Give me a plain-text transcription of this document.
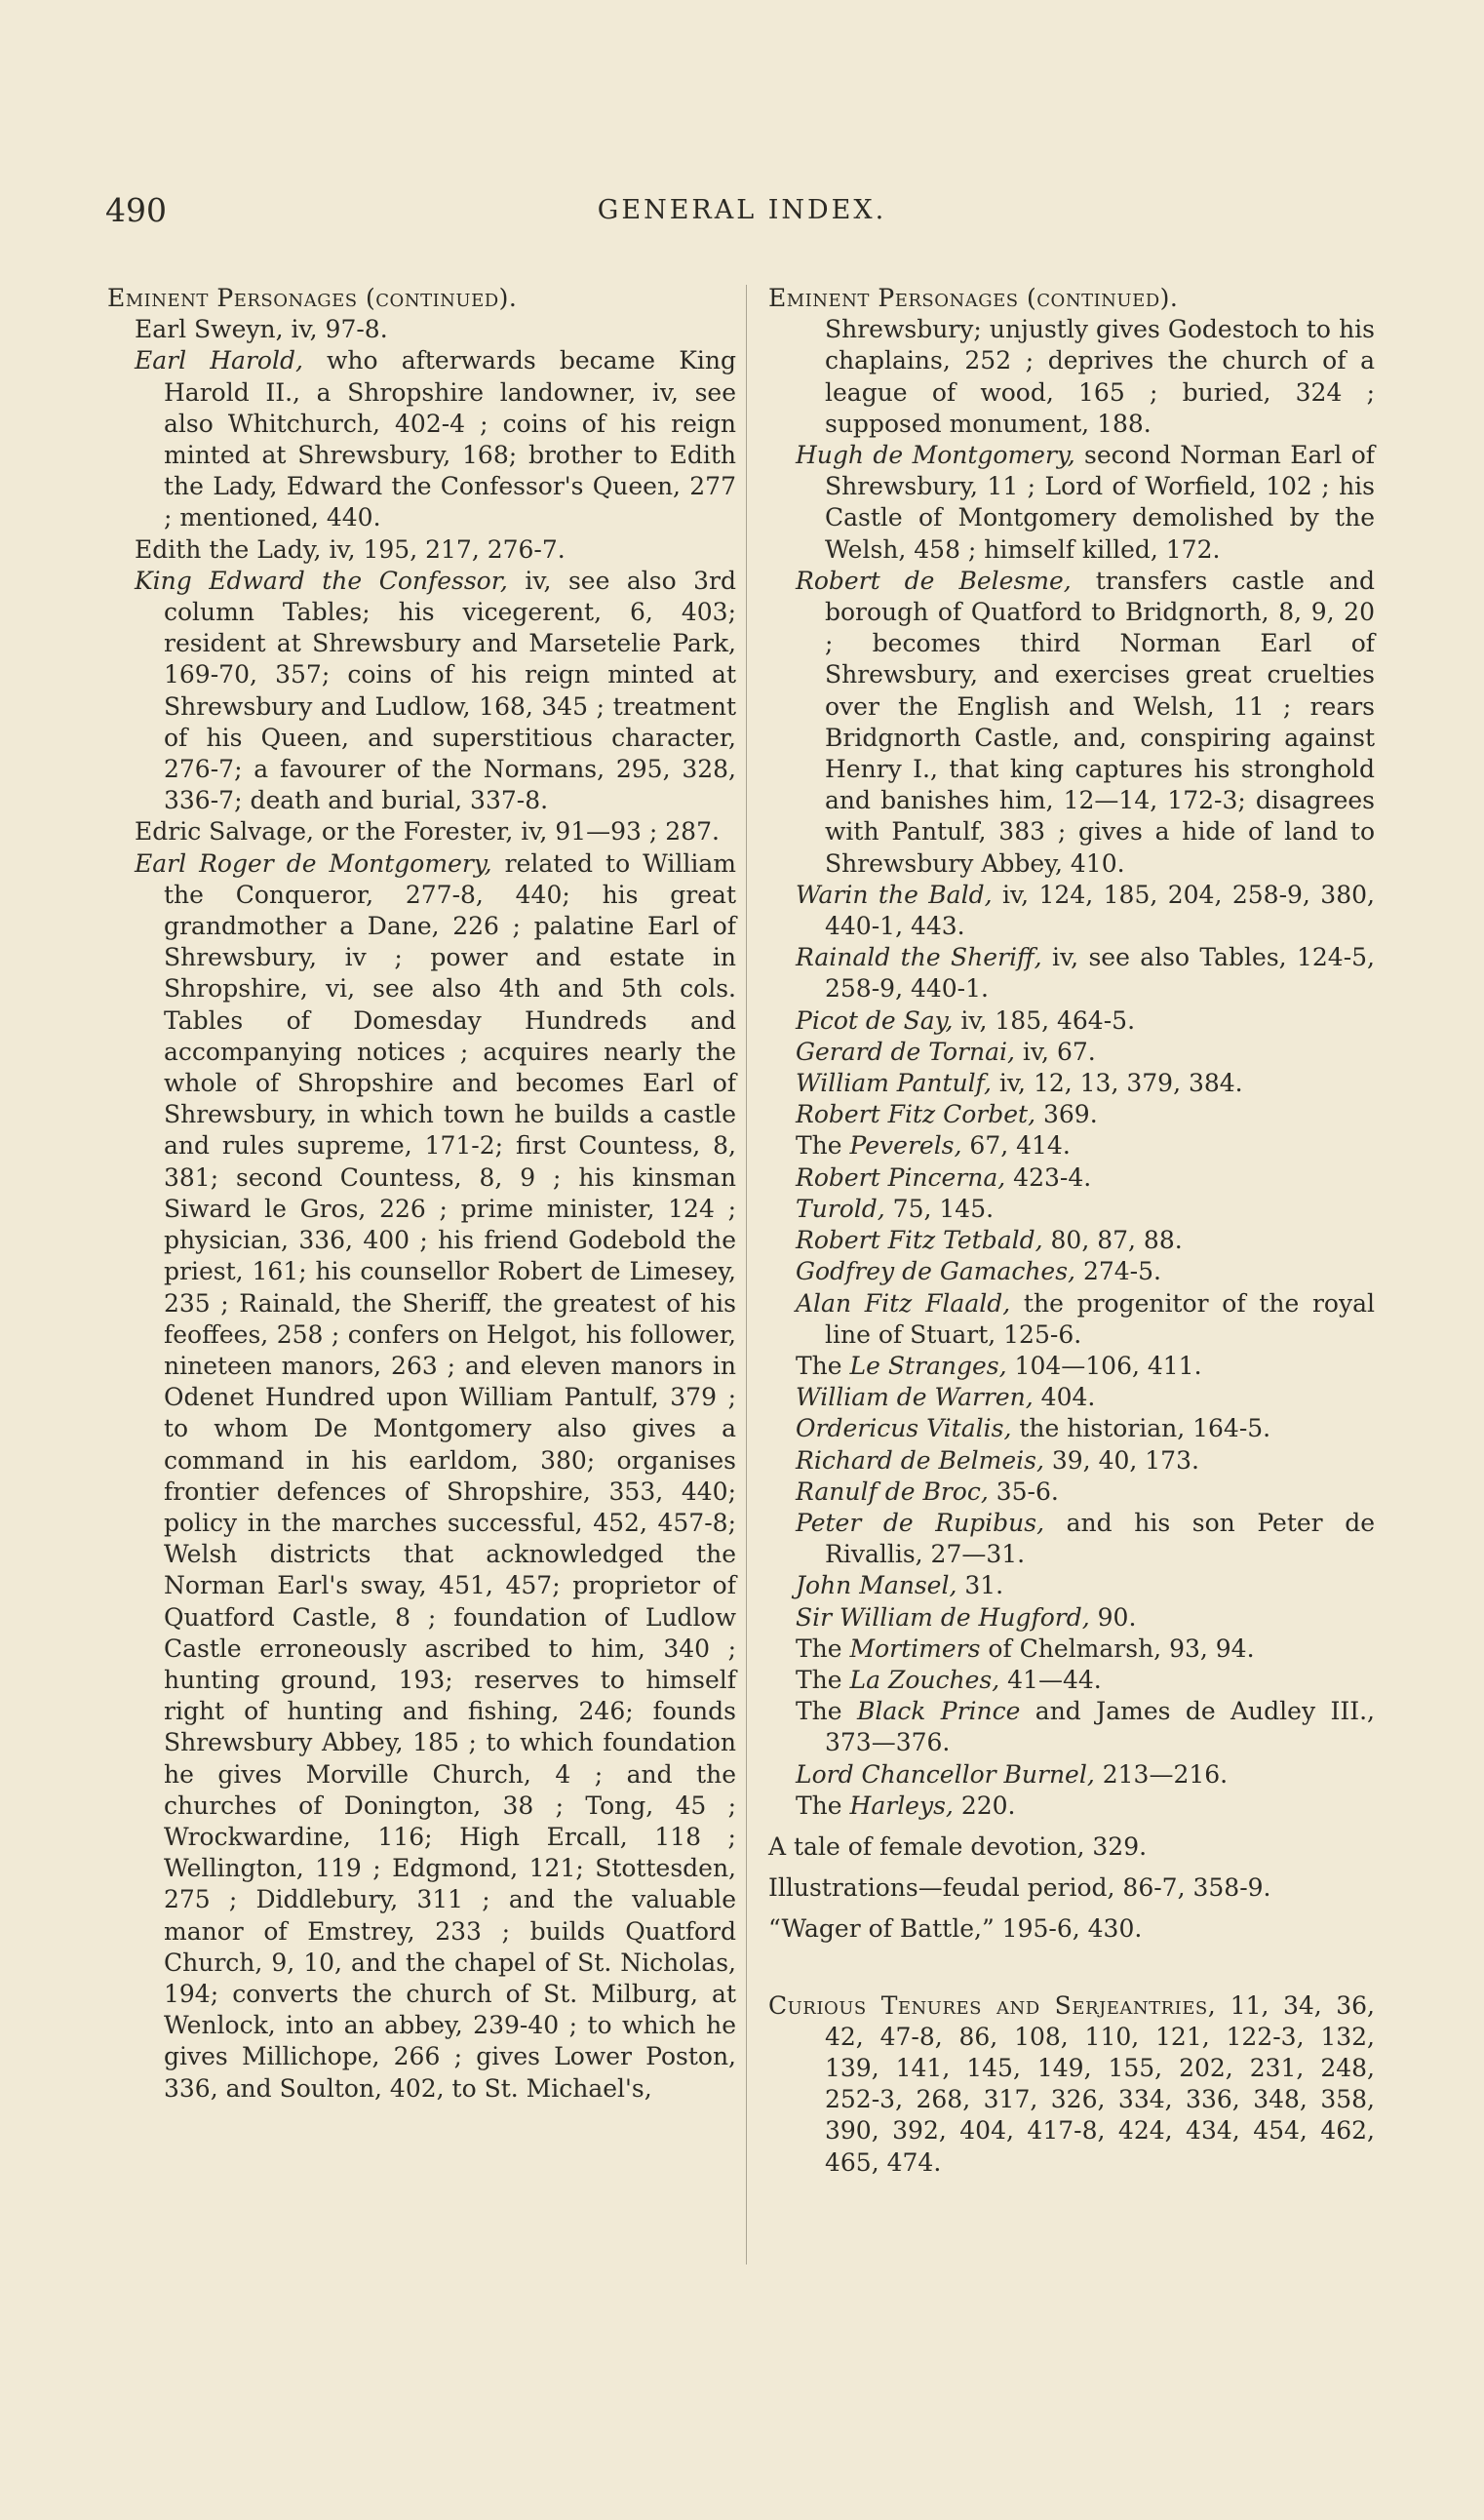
490	GENERAL INDEX.

Eminent Personages (continued).

Earl Sweyn, iv, 97-8.

Earl Harold, who afterwards became King Harold II., a Shropshire landowner, iv, see also Whitchurch, 402-4 ; coins of his reign minted at Shrewsbury, 168; brother to Edith the Lady, Edward the Confessor's Queen, 277 ; mentioned, 440.

Edith the Lady, iv, 195, 217, 276-7.

King Edward the Confessor, iv, see also 3rd column Tables; his vicegerent, 6, 403; resident at Shrewsbury and Marsetelie Park, 169-70, 357; coins of his reign minted at Shrewsbury and Ludlow, 168, 345 ; treatment of his Queen, and superstitious character, 276-7; a favourer of the Normans, 295, 328, 336-7; death and burial, 337-8.

Edric Salvage, or the Forester, iv, 91—93 ; 287.

Earl Roger de Montgomery, related to William the Conqueror, 277-8, 440; his great grandmother a Dane, 226 ; palatine Earl of Shrewsbury, iv ; power and estate in Shropshire, vi, see also 4th and 5th cols. Tables of Domesday Hundreds and accompanying notices ; acquires nearly the whole of Shropshire and becomes Earl of Shrewsbury, in which town he builds a castle and rules supreme, 171-2; first Countess, 8, 381; second Countess, 8, 9 ; his kinsman Siward le Gros, 226 ; prime minister, 124 ; physician, 336, 400 ; his friend Godebold the priest, 161; his counsellor Robert de Limesey, 235 ; Rainald, the Sheriff, the greatest of his feoffees, 258 ; confers on Helgot, his follower, nineteen manors, 263 ; and eleven manors in Odenet Hundred upon William Pantulf, 379 ; to whom De Montgomery also gives a command in his earldom, 380; organises frontier defences of Shropshire, 353, 440; policy in the marches successful, 452, 457-8; Welsh districts that acknowledged the Norman Earl's sway, 451, 457; proprietor of Quatford Castle, 8 ; foundation of Ludlow Castle erroneously ascribed to him, 340 ; hunting ground, 193; reserves to himself right of hunting and fishing, 246; founds Shrewsbury Abbey, 185 ; to which foundation he gives Morville Church, 4 ; and the churches of Donington, 38 ; Tong, 45 ; Wrockwardine, 116; High Ercall, 118 ; Wellington, 119 ; Edgmond, 121; Stottesden, 275 ; Diddlebury, 311 ; and the valuable manor of Emstrey, 233 ; builds Quatford Church, 9, 10, and the chapel of St. Nicholas, 194; converts the church of St. Milburg, at Wenlock, into an abbey, 239-40 ; to which he gives Millichope, 266 ; gives Lower Poston, 336, and Soulton, 402, to St. Michael's,

Eminent Personages (continued).

Shrewsbury; unjustly gives Godestoch to his chaplains, 252 ; deprives the church of a league of wood, 165 ; buried, 324 ; supposed monument, 188.

Hugh de Montgomery, second Norman Earl of Shrewsbury, 11 ; Lord of Worfield, 102 ; his Castle of Montgomery demolished by the Welsh, 458 ; himself killed, 172.

Robert de Belesme, transfers castle and borough of Quatford to Bridgnorth, 8, 9, 20 ; becomes third Norman Earl of Shrewsbury, and exercises great cruelties over the English and Welsh, 11 ; rears Bridgnorth Castle, and, conspiring against Henry I., that king captures his stronghold and banishes him, 12—14, 172-3; disagrees with Pantulf, 383 ; gives a hide of land to Shrewsbury Abbey, 410.

Warin the Bald, iv, 124, 185, 204, 258-9, 380, 440-1, 443.

Rainald the Sheriff, iv, see also Tables, 124-5, 258-9, 440-1.

Picot de Say, iv, 185, 464-5.

Gerard de Tornai, iv, 67.

William Pantulf, iv, 12, 13, 379, 384.

Robert Fitz Corbet, 369.

The Peverels, 67, 414.

Robert Pincerna, 423-4.

Turold, 75, 145.

Robert Fitz Tetbald, 80, 87, 88.

Godfrey de Gamaches, 274-5.

Alan Fitz Flaald, the progenitor of the royal line of Stuart, 125-6.

The Le Stranges, 104—106, 411.

William de Warren, 404.

Ordericus Vitalis, the historian, 164-5.

Richard de Belmeis, 39, 40, 173.

Ranulf de Broc, 35-6.

Peter de Rupibus, and his son Peter de Rivallis, 27—31.

John Mansel, 31.

Sir William de Hugford, 90.

The Mortimers of Chelmarsh, 93, 94.

The La Zouches, 41—44.

The Black Prince and James de Audley III., 373—376.

Lord Chancellor Burnel, 213—216.

The Harleys, 220.

A tale of female devotion, 329.

Illustrations—feudal period, 86-7, 358-9.

“Wager of Battle,” 195-6, 430.

Curious Tenures and Serjeantries, 11, 34, 36, 42, 47-8, 86, 108, 110, 121, 122-3, 132, 139, 141, 145, 149, 155, 202, 231, 248, 252-3, 268, 317, 326, 334, 336, 348, 358, 390, 392, 404, 417-8, 424, 434, 454, 462, 465, 474.
